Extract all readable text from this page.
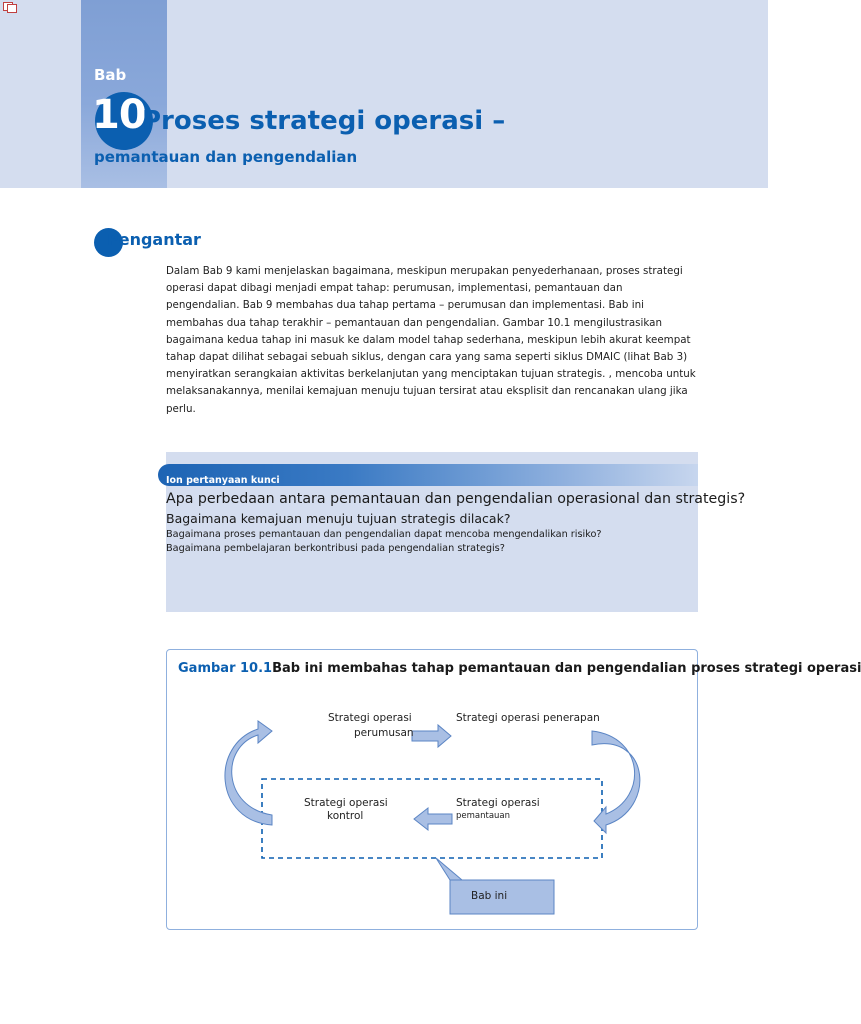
Bab
10
Proses strategi operasi –
pemantauan dan pengendalian
Pengantar
Dalam Bab 9 kami menjelaskan bagaimana, meskipun merupakan penyederhanaan, proses strategi operasi dapat dibagi menjadi empat tahap: perumusan, implementasi, pemantauan dan pengendalian. Bab 9 membahas dua tahap pertama – perumusan dan implementasi. Bab ini membahas dua tahap terakhir – pemantauan dan pengendalian. Gambar 10.1 mengilustrasikan bagaimana kedua tahap ini masuk ke dalam model tahap sederhana, meskipun lebih akurat keempat tahap dapat dilihat sebagai sebuah siklus, dengan cara yang sama seperti siklus DMAIC (lihat Bab 3) menyiratkan serangkaian aktivitas berkelanjutan yang menciptakan tujuan strategis. , mencoba untuk melaksanakannya, menilai kemajuan menuju tujuan tersirat atau eksplisit dan rencanakan ulang jika perlu.
Ion pertanyaan kunci
Apa perbedaan antara pemantauan dan pengendalian operasional dan strategis?
Bagaimana kemajuan menuju tujuan strategis dilacak?
Bagaimana proses pemantauan dan pengendalian dapat mencoba mengendalikan risiko?
Bagaimana pembelajaran berkontribusi pada pengendalian strategis?
Gambar 10.1Bab ini membahas tahap pemantauan dan pengendalian proses strategi operasi
Strategi operasi
perumusan
Strategi operasi penerapan
Strategi operasi
kontrol
Strategi operasi
pemantauan
Bab ini
